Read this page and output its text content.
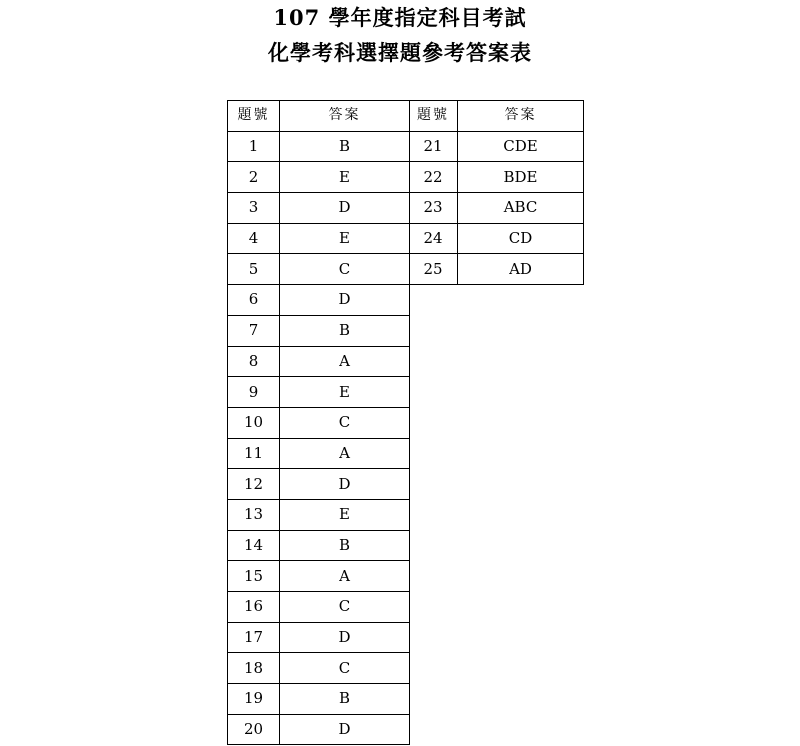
107 學年度指定科目考試
化學考科選擇題參考答案表
題號	答案
1	B
2	E
3	D
4	E
5	C
6	D
7	B
8	A
9	E
10	C
11	A
12	D
13	E
14	B
15	A
16	C
17	D
18	C
19	B
20	D
題號	答案
21	CDE
22	BDE
23	ABC
24	CD
25	AD
